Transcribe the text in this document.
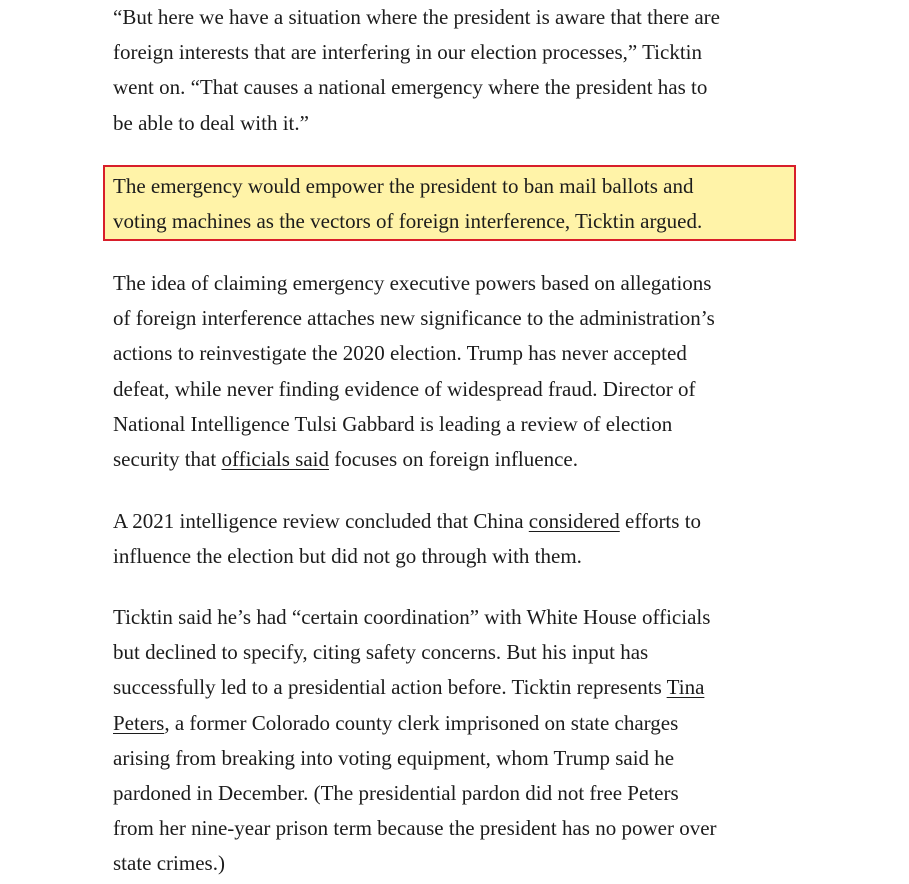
“But here we have a situation where the president is aware that there are
foreign interests that are interfering in our election processes,” Ticktin
went on. “That causes a national emergency where the president has to
be able to deal with it.”

The idea of claiming emergency executive powers based on allegations
of foreign interference attaches new significance to the administration’s
actions to reinvestigate the 2020 election. Trump has never accepted
defeat, while never finding evidence of widespread fraud. Director of
National Intelligence Tulsi Gabbard is leading a review of election
security that officials said focuses on foreign influence.

A 2021 intelligence review concluded that China considered efforts to
influence the election but did not go through with them.

Ticktin said he’s had “certain coordination” with White House officials
but declined to specify, citing safety concerns. But his input has
successfully led to a presidential action before. Ticktin represents Tina
Peters, a former Colorado county clerk imprisoned on state charges
arising from breaking into voting equipment, whom Trump said he
pardoned in December. (The presidential pardon did not free Peters
from her nine-year prison term because the president has no power over
state crimes.)

The emergency would empower the president to ban mail ballots and
voting machines as the vectors of foreign interference, Ticktin argued.
